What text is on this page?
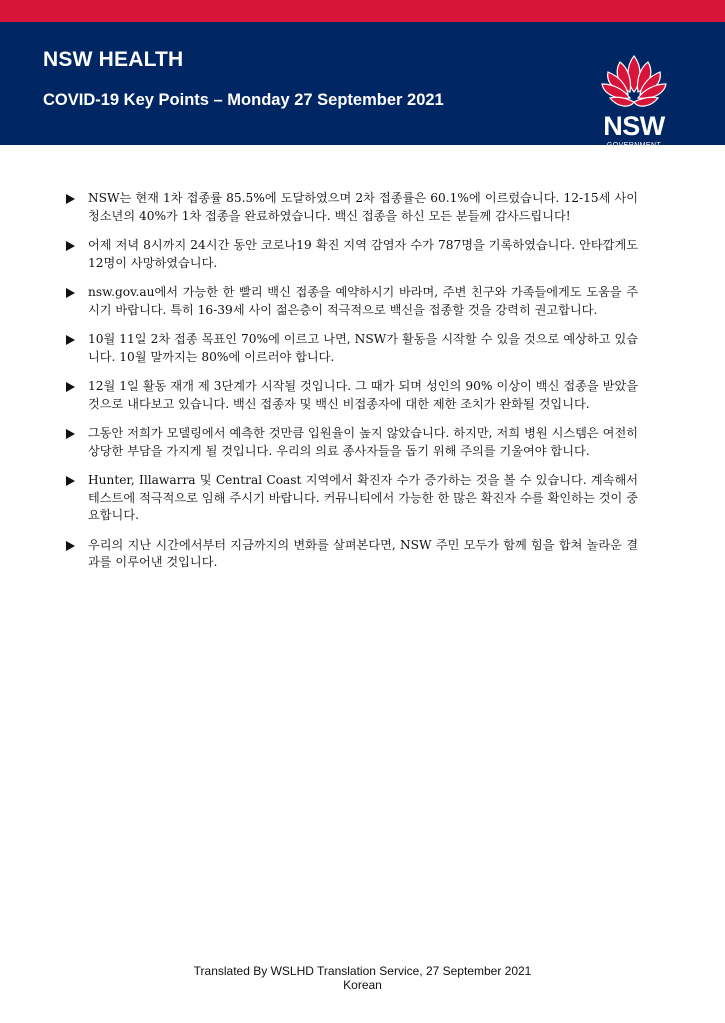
NSW HEALTH
COVID-19 Key Points – Monday 27 September 2021
NSW
GOVERNMENT
NSW는 현재 1차 접종률 85.5%에 도달하였으며 2차 접종률은 60.1%에 이르렀습니다. 12-15세 사이 청소년의 40%가 1차 접종을 완료하였습니다. 백신 접종을 하신 모든 분들께 감사드립니다!
어제 저녁 8시까지 24시간 동안 코로나19 확진 지역 감염자 수가 787명을 기록하였습니다. 안타깝게도 12명이 사망하였습니다.
nsw.gov.au에서 가능한 한 빨리 백신 접종을 예약하시기 바라며, 주변 친구와 가족들에게도 도움을 주시기 바랍니다. 특히 16-39세 사이 젊은층이 적극적으로 백신을 접종할 것을 강력히 권고합니다.
10월 11일 2차 접종 목표인 70%에 이르고 나면, NSW가 활동을 시작할 수 있을 것으로 예상하고 있습니다. 10월 말까지는 80%에 이르러야 합니다.
12월 1일 활동 재개 제 3단계가 시작될 것입니다. 그 때가 되며 성인의 90% 이상이 백신 접종을 받았을 것으로 내다보고 있습니다. 백신 접종자 및 백신 비접종자에 대한 제한 조치가 완화될 것입니다.
그동안 저희가 모델링에서 예측한 것만큼 입원율이 높지 않았습니다. 하지만, 저희 병원 시스템은 여전히 상당한 부담을 가지게 될 것입니다. 우리의 의료 종사자들을 돕기 위해 주의를 기울여야 합니다.
Hunter, Illawarra 및 Central Coast 지역에서 확진자 수가 증가하는 것을 볼 수 있습니다. 계속해서 테스트에 적극적으로 임해 주시기 바랍니다. 커뮤니티에서 가능한 한 많은 확진자 수를 확인하는 것이 중요합니다.
우리의 지난 시간에서부터 지금까지의 변화를 살펴본다면, NSW 주민 모두가 함께 힘을 합쳐 놀라운 결과를 이루어낸 것입니다.
Translated By WSLHD Translation Service, 27 September 2021
Korean
